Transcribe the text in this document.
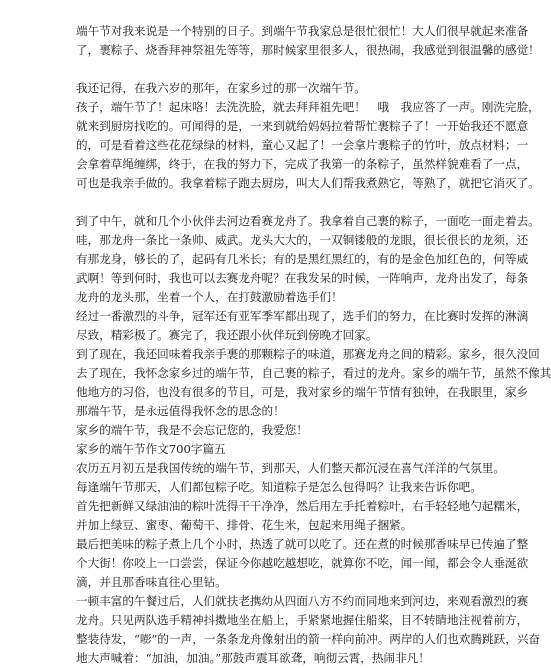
端午节对我来说是一个特别的日子。到端午节我家总是很忙很忙！大人们很早就起来准备
了，裹粽子、烧香拜神祭祖先等等，那时候家里很多人，很热闹，我感觉到很温馨的感觉！
我还记得，在我六岁的那年，在家乡过的那一次端午节。
孩子，端午节了！起床咯！去洗洗脸，就去拜拜祖先吧！　哦　我应答了一声。刚洗完脸，
就来到厨房找吃的。可闻得的是，一来到就给妈妈拉着帮忙裹粽子了！一开始我还不愿意
的，可是看着这些花花绿绿的材料，童心又起了！一会拿片裹粽子的竹叶，放点材料；一
会拿着草绳缠绑，终于，在我的努力下，完成了我第一的条粽子，虽然样貌难看了一点，
可也是我亲手做的。我拿着粽子跑去厨房，叫大人们帮我煮熟它，等熟了，就把它消灭了。
到了中午，就和几个小伙伴去河边看赛龙舟了。我拿着自己裹的粽子，一面吃一面走着去。
哇，那龙舟一条比一条帅、威武。龙头大大的，一双铜镂般的龙眼，很长很长的龙须，还
有那龙身，够长的了，起码有几米长；有的是黑红黑红的，有的是金色加红色的，何等威
武啊！等到何时，我也可以去赛龙舟呢？在我发呆的时候，一阵响声，龙舟出发了，每条
龙舟的龙头那，坐着一个人，在打鼓激励着选手们！
经过一番激烈的斗争，冠军还有亚军季军都出现了，选手们的努力，在比赛时发挥的淋漓
尽致，精彩极了。赛完了，我还跟小伙伴玩到傍晚才回家。
到了现在，我还回味着我亲手裹的那颗粽子的味道，那赛龙舟之间的精彩。家乡，很久没回
去了现在，我怀念家乡过的端午节，自己裹的粽子，看过的龙舟。家乡的端午节，虽然不像其
他地方的习俗，也没有很多的节目，可是，我对家乡的端午节情有独钟，在我眼里，家乡
那端午节，是永远值得我怀念的思念的！
家乡的端午节，我是不会忘记您的，我爱您！
家乡的端午节作文700字篇五
农历五月初五是我国传统的端午节，到那天，人们整天都沉浸在喜气洋洋的气氛里。
每逢端午节那天，人们都包粽子吃。知道粽子是怎么包得吗？让我来告诉你吧。
首先把新鲜又绿油油的粽叶洗得干干净净，然后用左手托着粽叶，右手轻轻地勺起糯米，
并加上绿豆、蜜枣、葡萄干、排骨、花生米，包起来用绳子捆紧。
最后把美味的粽子煮上几个小时，热透了就可以吃了。还在煮的时候那香味早已传遍了整
个大街！你咬上一口尝尝，保证今你越吃越想吃，就算你不吃，闻一闻，都会令人垂涎欲
滴，并且那香味直往心里钻。
一顿丰富的午餐过后，人们就扶老携幼从四面八方不约而同地来到河边，来观看激烈的赛
龙舟。只见两队选手精神抖擞地坐在船上，手紧紧地握住船桨，目不转睛地注视着前方，
整装待发，“嘭”的一声，一条条龙舟像射出的箭一样向前冲。两岸的人们也欢腾跳跃，兴奋
地大声喊着：“加油，加油。”那鼓声震耳欲聋，响彻云霄，热闹非凡！
